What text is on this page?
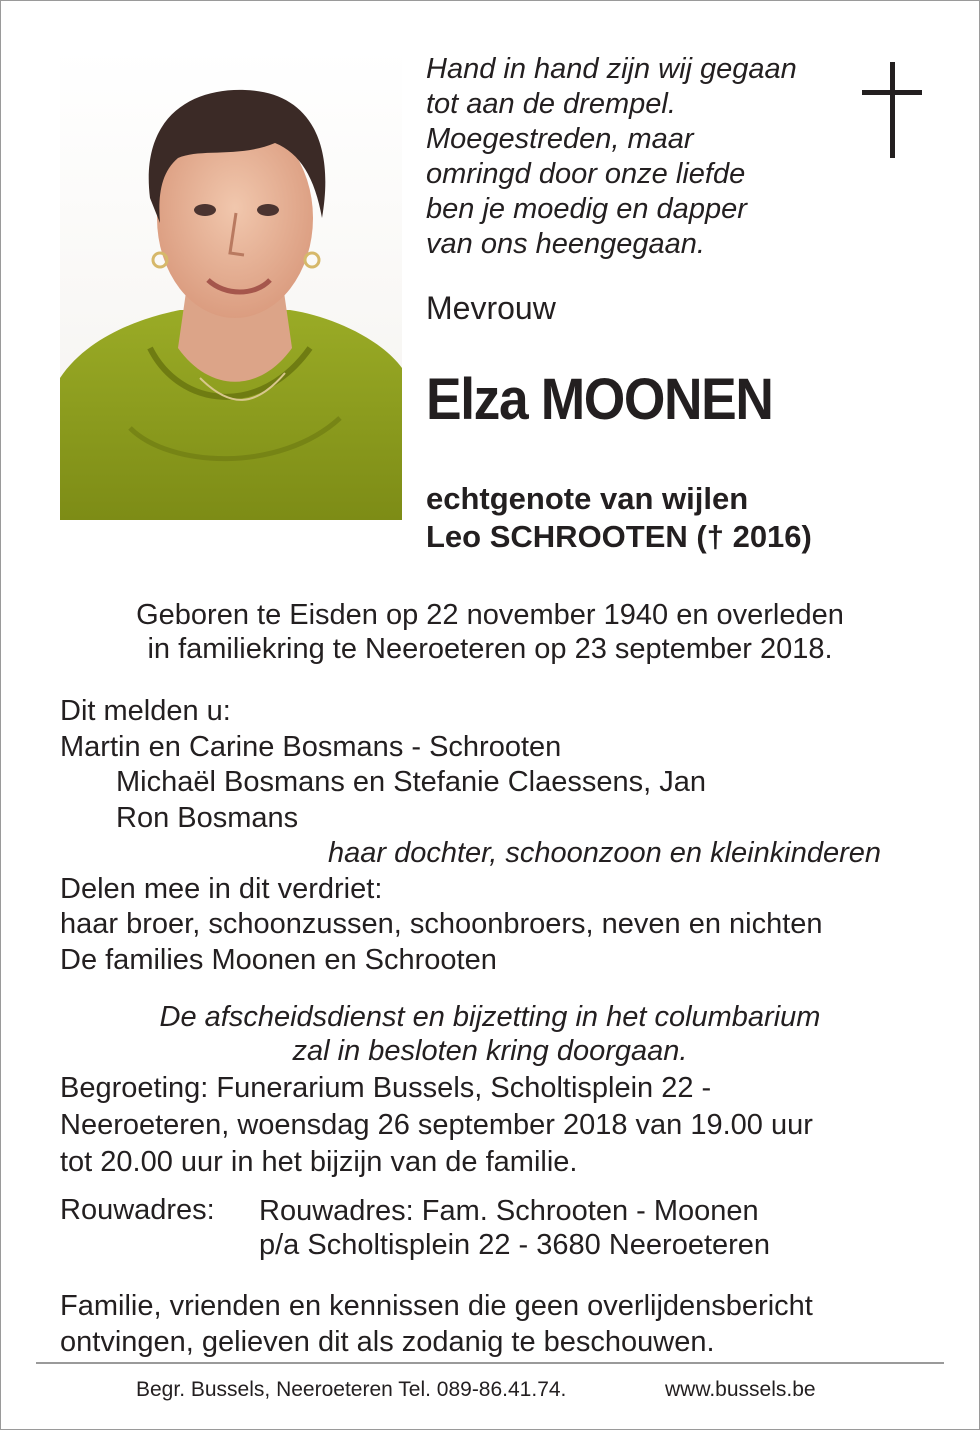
Hand in hand zijn wij gegaan
tot aan de drempel.
Moegestreden, maar
omringd door onze liefde
ben je moedig en dapper
van ons heengegaan.
Mevrouw
Elza MOONEN
echtgenote van wijlen
Leo SCHROOTEN († 2016)
Geboren te Eisden op 22 november 1940 en overleden
in familiekring te Neeroeteren op 23 september 2018.
Dit melden u:
Martin en Carine Bosmans - Schrooten
Michaël Bosmans en Stefanie Claessens, Jan
Ron Bosmans
haar dochter, schoonzoon en kleinkinderen
Delen mee in dit verdriet:
haar broer, schoonzussen, schoonbroers, neven en nichten
De families Moonen en Schrooten
De afscheidsdienst en bijzetting in het columbarium
zal in besloten kring doorgaan.
Begroeting: Funerarium Bussels, Scholtisplein 22 -
Neeroeteren, woensdag 26 september 2018 van 19.00 uur
tot 20.00 uur in het bijzijn van de familie.
Rouwadres: Rouwadres: Fam. Schrooten - Moonen
p/a Scholtisplein 22 - 3680 Neeroeteren
Familie, vrienden en kennissen die geen overlijdensbericht
ontvingen, gelieven dit als zodanig te beschouwen.
Begr. Bussels, Neeroeteren Tel. 089-86.41.74.	www.bussels.be
